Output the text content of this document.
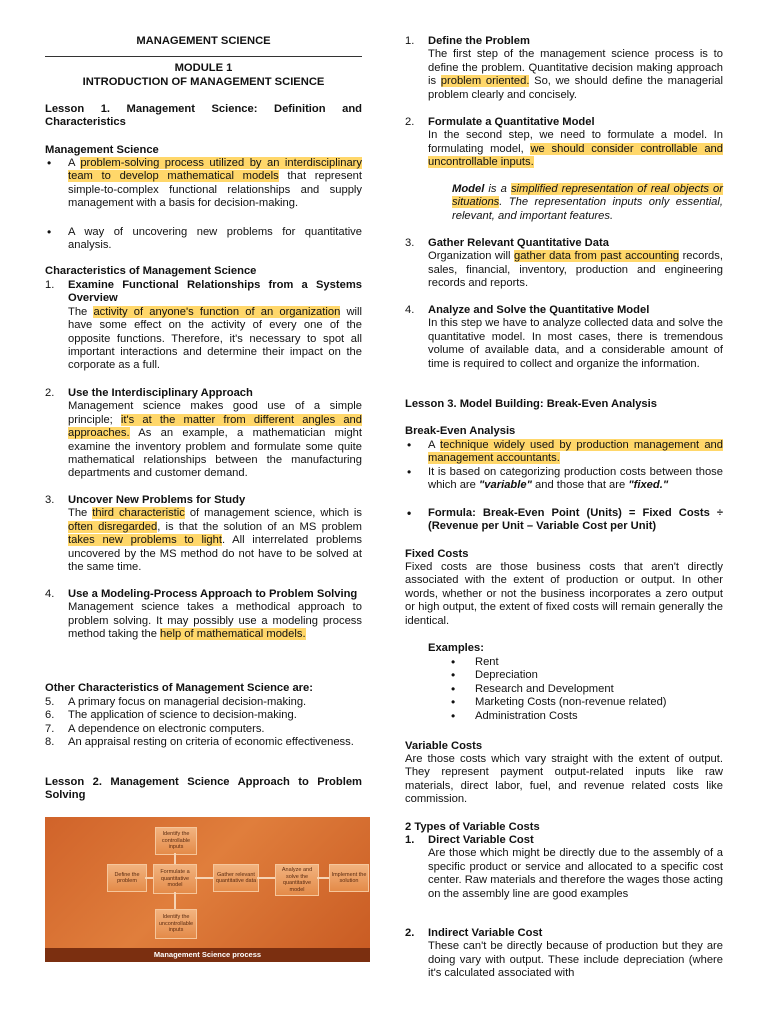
MANAGEMENT SCIENCE
MODULE 1
INTRODUCTION OF MANAGEMENT SCIENCE
Lesson 1. Management Science: Definition and Characteristics
Management Science
• A problem-solving process utilized by an interdisciplinary team to develop mathematical models that represent simple-to-complex functional relationships and supply management with a basis for decision-making.
• A way of uncovering new problems for quantitative analysis.
Characteristics of Management Science
1. Examine Functional Relationships from a Systems Overview

The activity of anyone's function of an organization will have some effect on the activity of every one of the opposite functions. Therefore, it's necessary to spot all important interactions and determine their impact on the corporate as a full.

2. Use the Interdisciplinary Approach

Management science makes good use of a simple principle; it's at the matter from different angles and approaches. As an example, a mathematician might examine the inventory problem and formulate some quite mathematical relationships between the manufacturing departments and customer demand.

3. Uncover New Problems for Study

The third characteristic of management science, which is often disregarded, is that the solution of an MS problem takes new problems to light. All interrelated problems uncovered by the MS method do not have to be solved at the same time.

4. Use a Modeling-Process Approach to Problem Solving

Management science takes a methodical approach to problem solving. It may possibly use a modeling process method taking the help of mathematical models.

Other Characteristics of Management Science are:
5. A primary focus on managerial decision-making.
6. The application of science to decision-making.
7. A dependence on electronic computers.
8. An appraisal resting on criteria of economic effectiveness.
Lesson 2. Management Science Approach to Problem Solving
Define the problem
Identify the controllable inputs
Formulate a quantitative model
Gather relevant quantitative data
Analyze and solve the quantitative model
Implement the solution
Identify the uncontrollable inputs
Management Science process
1. Define the Problem

The first step of the management science process is to define the problem. Quantitative decision making approach is problem oriented. So, we should define the managerial problem clearly and concisely.

2. Formulate a Quantitative Model

In the second step, we need to formulate a model. In formulating model, we should consider controllable and uncontrollable inputs.

Model is a simplified representation of real objects or situations. The representation inputs only essential, relevant, and important features.
3. Gather Relevant Quantitative Data

Organization will gather data from past accounting records, sales, financial, inventory, production and engineering records and reports.

4. Analyze and Solve the Quantitative Model

In this step we have to analyze collected data and solve the quantitative model. In most cases, there is tremendous volume of available data, and a considerable amount of time is required to collect and organize the information.

Lesson 3. Model Building: Break-Even Analysis
Break-Even Analysis
• A technique widely used by production management and management accountants.
• It is based on categorizing production costs between those which are "variable" and those that are "fixed."
• Formula: Break-Even Point (Units) = Fixed Costs ÷ (Revenue per Unit – Variable Cost per Unit)
Fixed Costs
Fixed costs are those business costs that aren't directly associated with the extent of production or output. In other words, whether or not the business incorporates a zero output or high output, the extent of fixed costs will remain generally the identical.
Examples:
• Rent
• Depreciation
• Research and Development
• Marketing Costs (non-revenue related)
• Administration Costs
Variable Costs
Are those costs which vary straight with the extent of output. They represent payment output-related inputs like raw materials, direct labor, fuel, and revenue related costs like commission.
2 Types of Variable Costs
1. Direct Variable Cost

Are those which might be directly due to the assembly of a specific product or service and allocated to a specific cost center. Raw materials and therefore the wages those acting on the assembly line are good examples

2. Indirect Variable Cost

These can't be directly because of production but they are doing vary with output. These include depreciation (where it's calculated associated with
